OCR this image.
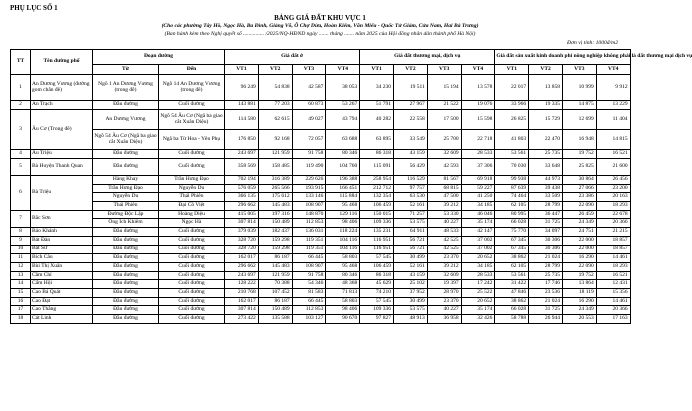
PHỤ LỤC SỐ 1
BẢNG GIÁ ĐẤT KHU VỰC 1
(Cho các phường Tây Hồ, Ngọc Hà, Ba Đình, Giảng Võ, Ô Chợ Dừa, Hoàn Kiếm, Văn Miếu - Quốc Tử Giám, Cửa Nam, Hai Bà Trưng)
(Ban hành kèm theo Nghị quyết số ............... /2025/NQ-HĐND ngày ....... tháng ....... năm 2025 của Hội đồng nhân dân thành phố Hà Nội)
Đơn vị tính: 1000đ/m2
TT	Tên đường phố	Đoạn đường		Giá đất ở				Giá đất thương mại, dịch vụ				Giá đất sản xuất kinh doanh phi nông nghiệp không phải là đất thương mại dịch vụ			

		Từ	Đến	VT1	VT2	VT3	VT4	VT1	VT2	VT3	VT4	VT1	VT2	VT3	VT4
1	An Dương Vương (đường gom chân đê)	Ngõ 1 An Dương Vương (trong đê)	Ngõ 14 An Dương Vương (trong đê)	96 249	54 838	42 587	38 053	34 230	19 511	15 194	13 578	22 017	13 858	10 999	9 912
2	An Trạch	Đầu đường	Cuối đường	143 881	77 203	60 873	53 267	51 791	27 967	21 522	19 076	33 966	19 335	14 875	13 229
3	Âu Cơ (Trong đê)	An Dương Vương	Ngõ 54 Âu Cơ (Ngã ba giao cắt Xuân Diệu)	114 580	62 615	49 027	43 794	40 282	22 558	17 500	15 598	26 825	15 729	12 699	11 404
		Ngõ 54 Âu Cơ (Ngã ba giao cắt Xuân Diệu)	Ngã ba Từ Hoa - Yên Phụ	176 850	92 168	72 057	63 688	63 895	33 549	25 700	22 718	41 803	22 470	16 948	14 815
4	Âu Triệu	Đầu đường	Cuối đường	243 697	121 959	91 758	80 346	86 318	43 159	32 609	28 533	53 561	25 735	19 752	16 521
5	Bà Huyện Thanh Quan	Đầu đường	Cuối đường	358 569	158 485	119 490	104 760	115 091	56 429	42 593	37 306	70 030	33 648	25 825	21 600
6	Bà Triệu	Hàng Khay	Trần Hưng Đạo	702 194	316 389	229 626	196 388	258 954	116 529	81 567	69 918	99 938	44 973	30 864	26 456
		Trần Hưng Đạo	Nguyễn Du	576 059	265 566	193 915	166 451	212 712	97 757	68 815	59 227	87 639	39 438	27 066	23 200
		Nguyễn Du	Thái Phiên	366 135	175 612	133 146	115 884	132 354	63 530	47 500	41 250	74 464	33 509	23 386	20 163
		Thái Phiên	Đại Cồ Việt	296 662	145 483	108 907	95 468	106 459	52 161	39 212	34 185	62 105	28 799	22 090	18 293
7	Bắc Sơn	Đường Độc Lập	Hoàng Diệu	415 005	197 316	148 870	129 116	150 015	71 257	53 330	46 046	80 995	36 447	26 459	22 678
		Ông Ích Khiêm	Ngọc Hà	307 814	150 489	112 853	98 406	109 336	53 575	40 227	35 174	66 028	31 725	24 349	20 366
8	Bảo Khánh	Đầu đường	Cuối đường	379 039	182 437	136 031	118 224	135 231	64 911	48 533	42 147	75 770	34 097	24 751	21 215
9	Bát Đàn	Đầu đường	Cuối đường	328 720	159 298	119 351	104 116	116 951	56 721	42 525	37 002	67 345	30 306	22 000	18 857
10	Bát Sứ	Đầu đường	Cuối đường	328 720	159 298	119 351	104 116	116 951	56 721	42 525	37 002	67 345	30 306	22 000	18 857
11	Bích Câu	Đầu đường	Cuối đường	162 017	86 187	66 445	58 803	57 545	30 499	23 370	20 652	38 862	21 024	16 290	14 461
12	Bùi Thị Xuân	Đầu đường	Cuối đường	296 662	145 483	108 907	95 468	106 459	52 161	39 212	34 185	62 105	28 799	22 090	18 293
13	Cầm Chỉ	Đầu đường	Cuối đường	243 697	121 959	91 758	80 346	86 318	43 159	32 609	28 533	53 561	25 735	19 752	16 521
14	Cấm Hội	Đầu đường	Cuối đường	128 222	70 388	54 346	48 368	45 629	25 102	19 397	17 242	31 422	17 746	13 864	12 431
15	Cao Bá Quát	Đầu đường	Cuối đường	210 768	107 452	81 583	71 813	74 210	37 952	28 970	25 522	47 846	23 536	18 119	15 356
16	Cao Đạt	Đầu đường	Cuối đường	162 017	86 187	66 445	58 803	57 545	30 499	23 370	20 652	38 862	21 024	16 290	14 461
17	Cao Thắng	Đầu đường	Cuối đường	307 814	150 489	112 853	98 406	109 336	53 575	40 227	35 174	66 028	31 725	24 349	20 366
18	Cát Linh	Đầu đường	Cuối đường	273 422	135 588	103 127	90 670	97 827	48 913	36 958	32 426	58 788	26 944	20 553	17 163
